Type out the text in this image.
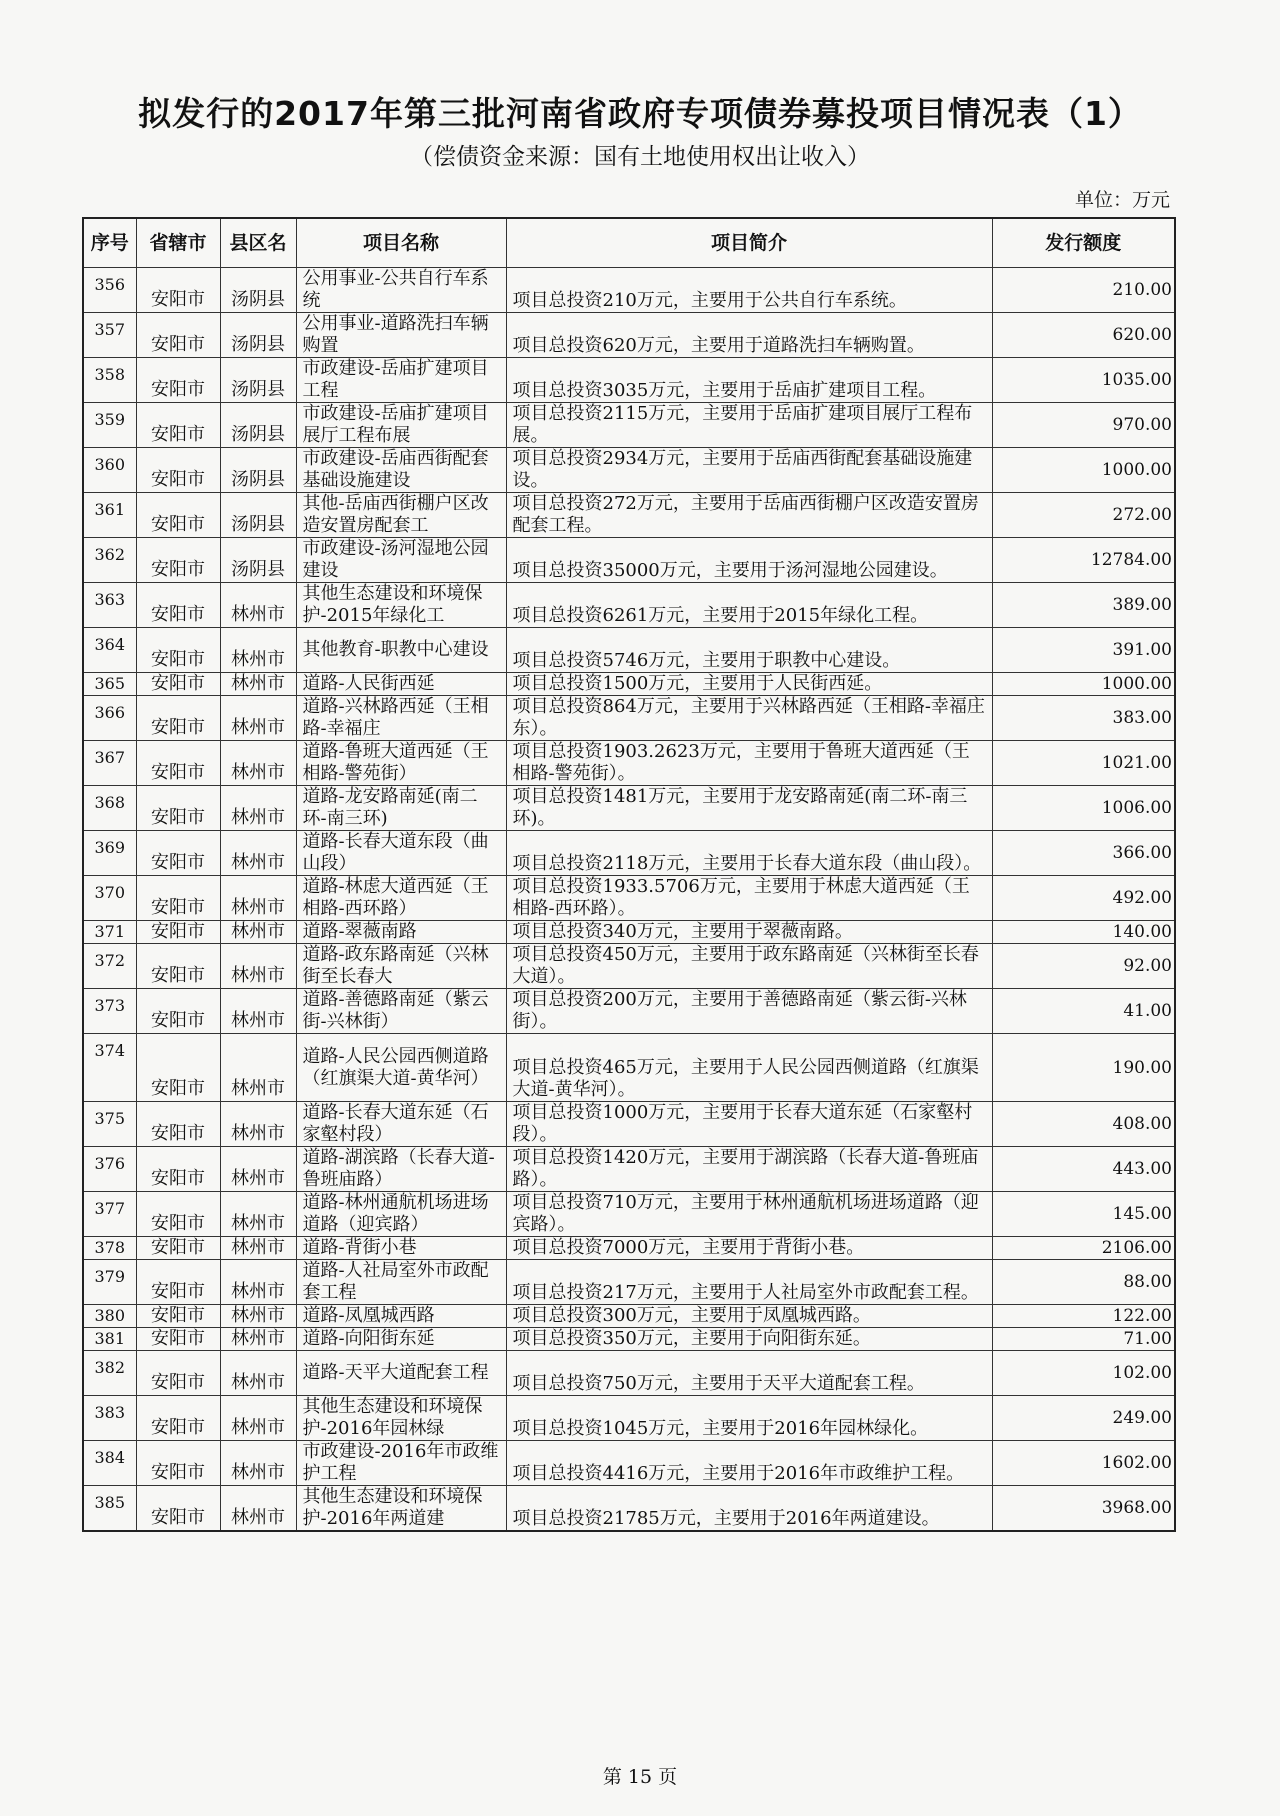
拟发行的2017年第三批河南省政府专项债券募投项目情况表（1）
（偿债资金来源：国有土地使用权出让收入）
单位：万元
序号	省辖市	县区名	项目名称	项目简介	发行额度
356	安阳市	汤阴县	公用事业-公共自行车系统	项目总投资210万元，主要用于公共自行车系统。	210.00
357	安阳市	汤阴县	公用事业-道路洗扫车辆购置	项目总投资620万元，主要用于道路洗扫车辆购置。	620.00
358	安阳市	汤阴县	市政建设-岳庙扩建项目工程	项目总投资3035万元，主要用于岳庙扩建项目工程。	1035.00
359	安阳市	汤阴县	市政建设-岳庙扩建项目展厅工程布展	项目总投资2115万元，主要用于岳庙扩建项目展厅工程布展。	970.00
360	安阳市	汤阴县	市政建设-岳庙西街配套基础设施建设	项目总投资2934万元，主要用于岳庙西街配套基础设施建设。	1000.00
361	安阳市	汤阴县	其他-岳庙西街棚户区改造安置房配套工	项目总投资272万元，主要用于岳庙西街棚户区改造安置房配套工程。	272.00
362	安阳市	汤阴县	市政建设-汤河湿地公园建设	项目总投资35000万元，主要用于汤河湿地公园建设。	12784.00
363	安阳市	林州市	其他生态建设和环境保护-2015年绿化工	项目总投资6261万元，主要用于2015年绿化工程。	389.00
364	安阳市	林州市	其他教育-职教中心建设	项目总投资5746万元，主要用于职教中心建设。	391.00
365	安阳市	林州市	道路-人民街西延	项目总投资1500万元，主要用于人民街西延。	1000.00
366	安阳市	林州市	道路-兴林路西延（王相路-幸福庄	项目总投资864万元，主要用于兴林路西延（王相路-幸福庄东）。	383.00
367	安阳市	林州市	道路-鲁班大道西延（王相路-警苑街）	项目总投资1903.2623万元，主要用于鲁班大道西延（王相路-警苑街）。	1021.00
368	安阳市	林州市	道路-龙安路南延(南二环-南三环)	项目总投资1481万元，主要用于龙安路南延(南二环-南三环)。	1006.00
369	安阳市	林州市	道路-长春大道东段（曲山段）	项目总投资2118万元，主要用于长春大道东段（曲山段）。	366.00
370	安阳市	林州市	道路-林虑大道西延（王相路-西环路）	项目总投资1933.5706万元，主要用于林虑大道西延（王相路-西环路）。	492.00
371	安阳市	林州市	道路-翠薇南路	项目总投资340万元，主要用于翠薇南路。	140.00
372	安阳市	林州市	道路-政东路南延（兴林街至长春大	项目总投资450万元，主要用于政东路南延（兴林街至长春大道）。	92.00
373	安阳市	林州市	道路-善德路南延（紫云街-兴林街）	项目总投资200万元，主要用于善德路南延（紫云街-兴林街）。	41.00
374	安阳市	林州市	道路-人民公园西侧道路（红旗渠大道-黄华河）	项目总投资465万元，主要用于人民公园西侧道路（红旗渠大道-黄华河）。	190.00
375	安阳市	林州市	道路-长春大道东延（石家壑村段）	项目总投资1000万元，主要用于长春大道东延（石家壑村段）。	408.00
376	安阳市	林州市	道路-湖滨路（长春大道-鲁班庙路）	项目总投资1420万元，主要用于湖滨路（长春大道-鲁班庙路）。	443.00
377	安阳市	林州市	道路-林州通航机场进场道路（迎宾路）	项目总投资710万元，主要用于林州通航机场进场道路（迎宾路）。	145.00
378	安阳市	林州市	道路-背街小巷	项目总投资7000万元，主要用于背街小巷。	2106.00
379	安阳市	林州市	道路-人社局室外市政配套工程	项目总投资217万元，主要用于人社局室外市政配套工程。	88.00
380	安阳市	林州市	道路-凤凰城西路	项目总投资300万元，主要用于凤凰城西路。	122.00
381	安阳市	林州市	道路-向阳街东延	项目总投资350万元，主要用于向阳街东延。	71.00
382	安阳市	林州市	道路-天平大道配套工程	项目总投资750万元，主要用于天平大道配套工程。	102.00
383	安阳市	林州市	其他生态建设和环境保护-2016年园林绿	项目总投资1045万元，主要用于2016年园林绿化。	249.00
384	安阳市	林州市	市政建设-2016年市政维护工程	项目总投资4416万元，主要用于2016年市政维护工程。	1602.00
385	安阳市	林州市	其他生态建设和环境保护-2016年两道建	项目总投资21785万元，主要用于2016年两道建设。	3968.00
第 15 页
